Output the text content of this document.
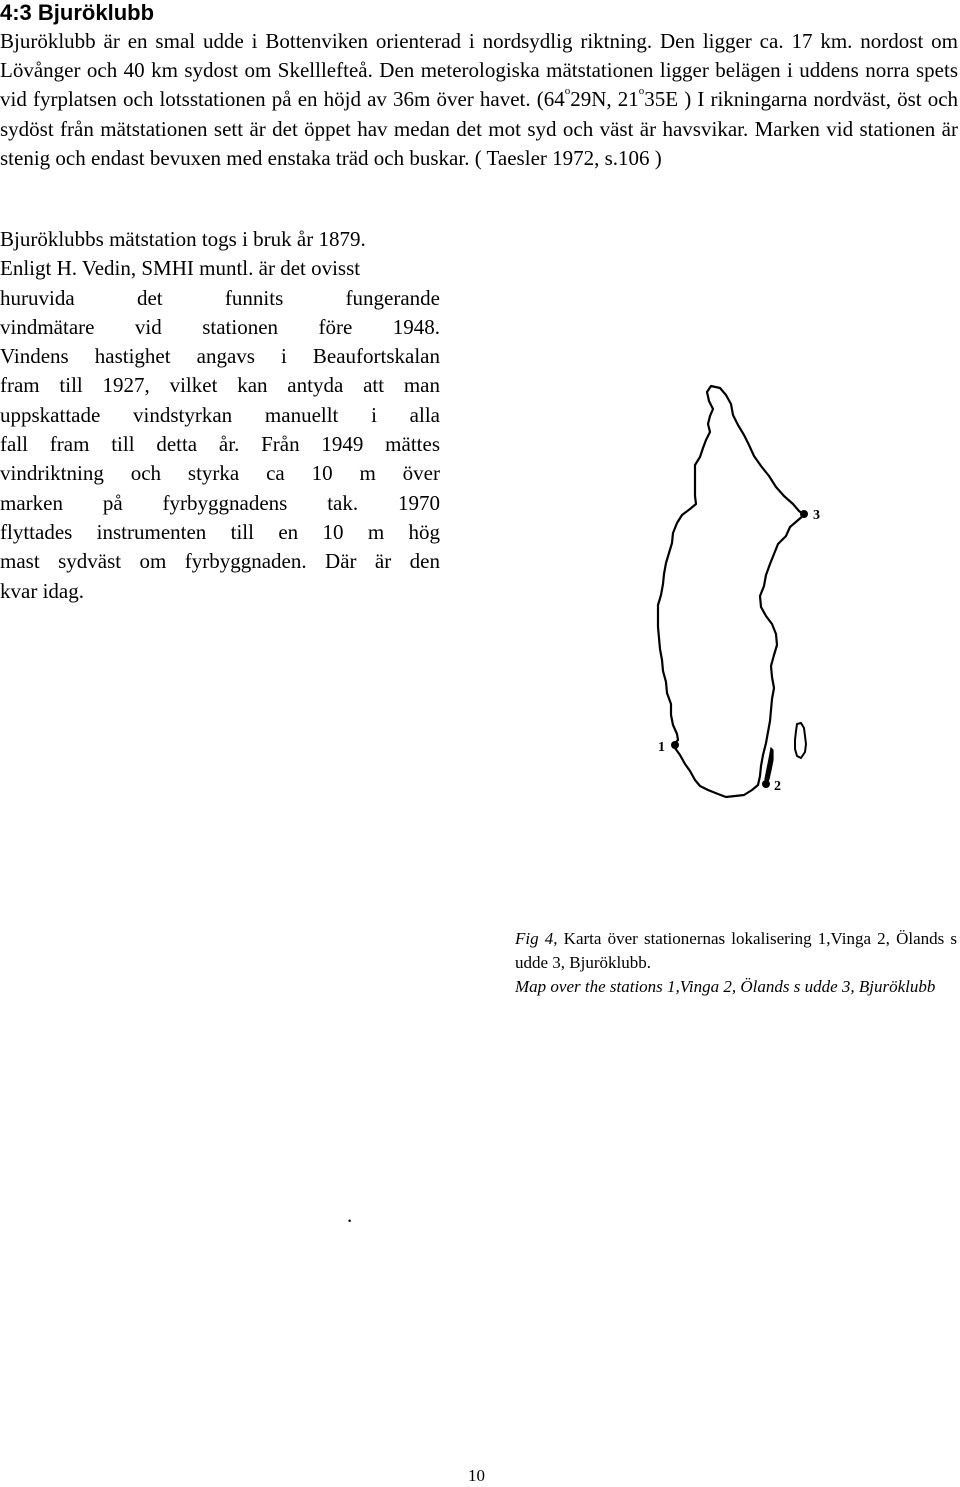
4:3 Bjuröklubb

Bjuröklubb är en smal udde i Bottenviken orienterad i nordsydlig riktning. Den ligger ca. 17 km. nordost om Lövånger och 40 km sydost om Skelllefteå. Den meterologiska mätstationen ligger belägen i uddens norra spets vid fyrplatsen och lotsstationen på en höjd av 36m över havet. (64$^o$29N, 21$^o$35E ) I rikningarna nordväst, öst och sydöst från mätstationen sett är det öppet hav medan det mot syd och väst är havsvikar. Marken vid stationen är stenig och endast bevuxen med enstaka träd och buskar. ( Taesler 1972, s.106 )

Bjuröklubbs mätstation togs i bruk år 1879.
Enligt H. Vedin, SMHI muntl. är det ovisst
huruvida det funnits fungerande
vindmätare vid stationen före 1948.
Vindens hastighet angavs i Beaufortskalan
fram till 1927, vilket kan antyda att man
uppskattade vindstyrkan manuellt i alla
fall fram till detta år. Från 1949 mättes
vindriktning och styrka ca 10 m över
marken på fyrbyggnadens tak. 1970
flyttades instrumenten till en 10 m hög
mast sydväst om fyrbyggnaden. Där är den
kvar idag.

3
1
2

Fig 4, Karta över stationernas lokalisering 1,Vinga 2, Ölands s udde 3, Bjuröklubb.

Map over the stations 1,Vinga 2, Ölands s udde 3, Bjuröklubb

.
10
